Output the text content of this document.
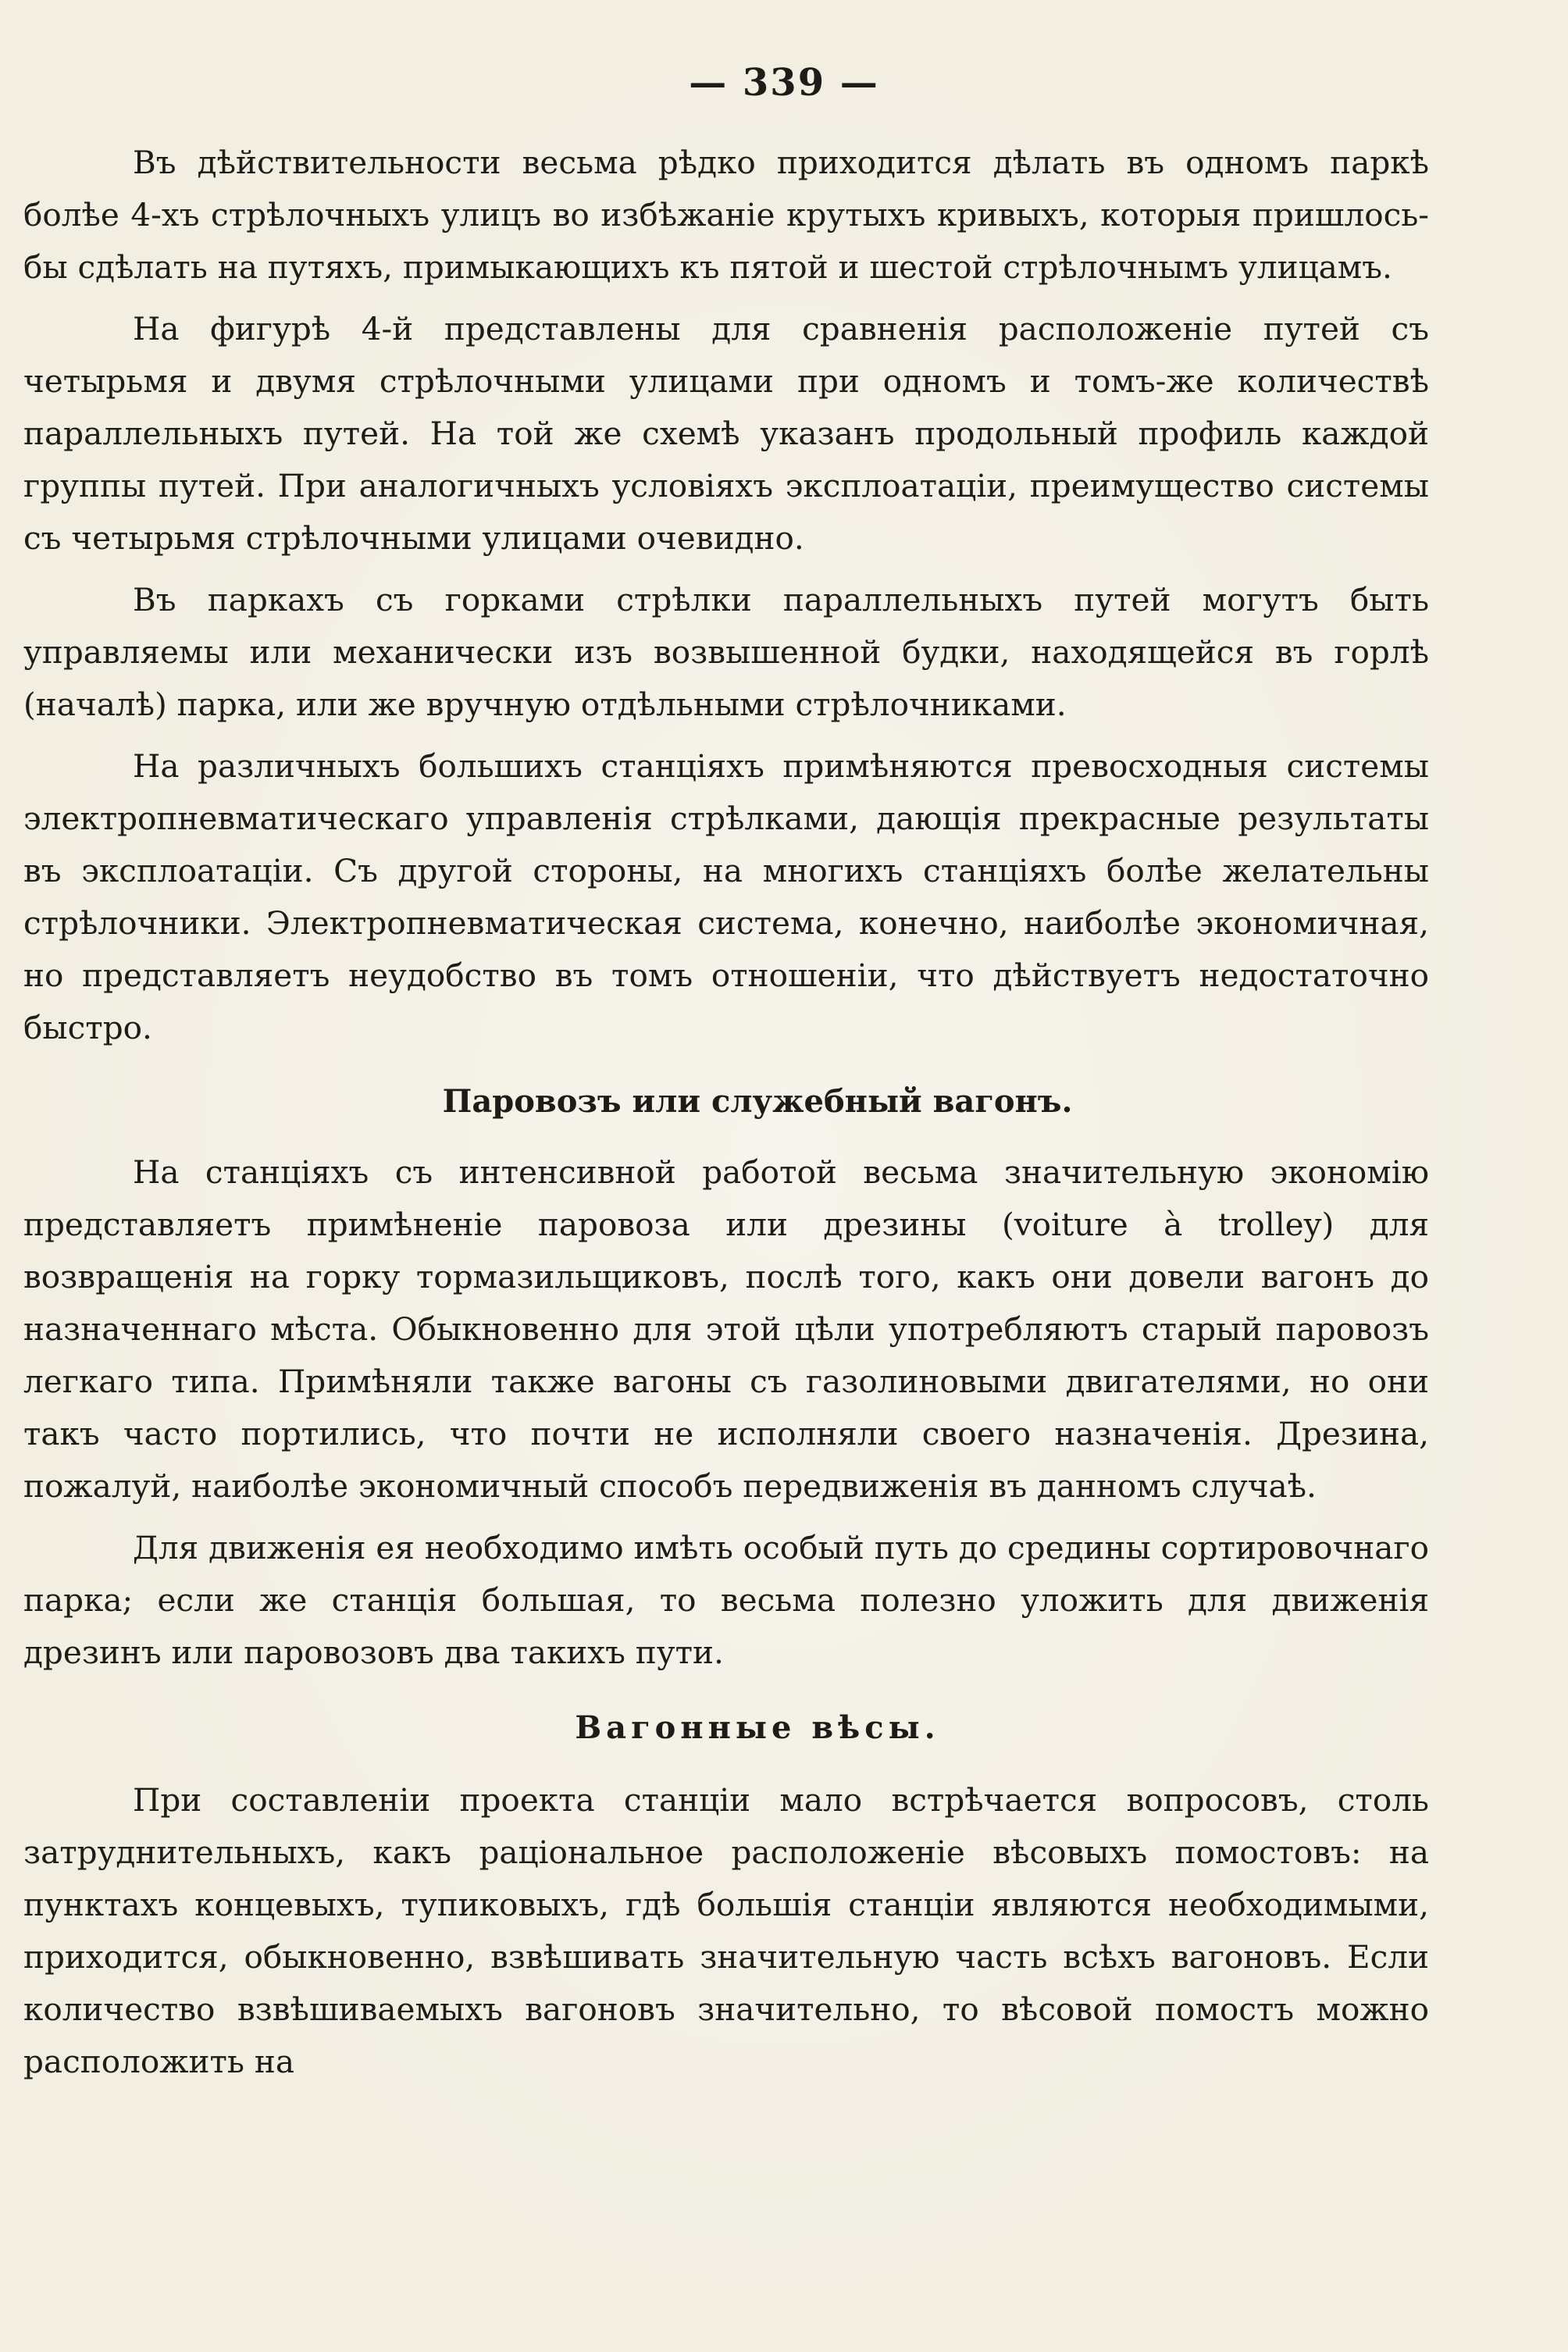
— 339 —

Въ дѣйствительности весьма рѣдко приходится дѣлать въ одномъ паркѣ болѣе 4-хъ стрѣлочныхъ улицъ во избѣжаніе крутыхъ кривыхъ, которыя пришлось-бы сдѣлать на путяхъ, примыкающихъ къ пятой и шестой стрѣлочнымъ улицамъ.

На фигурѣ 4-й представлены для сравненія расположеніе путей съ четырьмя и двумя стрѣлочными улицами при одномъ и томъ-же количествѣ параллельныхъ путей. На той же схемѣ указанъ продольный профиль каждой группы путей. При аналогичныхъ условіяхъ эксплоатаціи, преимущество системы съ четырьмя стрѣлочными улицами очевидно.

Въ паркахъ съ горками стрѣлки параллельныхъ путей могутъ быть управляемы или механически изъ возвышенной будки, находящейся въ горлѣ (началѣ) парка, или же вручную отдѣльными стрѣлочниками.

На различныхъ большихъ станціяхъ примѣняются превосходныя системы электропневматическаго управленія стрѣлками, дающія прекрасные результаты въ эксплоатаціи. Съ другой стороны, на многихъ станціяхъ болѣе желательны стрѣлочники. Электропневматическая система, конечно, наиболѣе экономичная, но представляетъ неудобство въ томъ отношеніи, что дѣйствуетъ недостаточно быстро.

Паровозъ или служебный вагонъ.

На станціяхъ съ интенсивной работой весьма значительную экономію представляетъ примѣненіе паровоза или дрезины (voiture à trolley) для возвращенія на горку тормазильщиковъ, послѣ того, какъ они довели вагонъ до назначеннаго мѣста. Обыкновенно для этой цѣли употребляютъ старый паровозъ легкаго типа. Примѣняли также вагоны съ газолиновыми двигателями, но они такъ часто портились, что почти не исполняли своего назначенія. Дрезина, пожалуй, наиболѣе экономичный способъ передвиженія въ данномъ случаѣ.

Для движенія ея необходимо имѣть особый путь до средины сортировочнаго парка; если же станція большая, то весьма полезно уложить для движенія дрезинъ или паровозовъ два такихъ пути.

Вагонные вѣсы.

При составленіи проекта станціи мало встрѣчается вопросовъ, столь затруднительныхъ, какъ раціональное расположеніе вѣсовыхъ помостовъ: на пунктахъ концевыхъ, тупиковыхъ, гдѣ большія станціи являются необходимыми, приходится, обыкновенно, взвѣшивать значительную часть всѣхъ вагоновъ. Если количество взвѣшиваемыхъ вагоновъ значительно, то вѣсовой помостъ можно расположить на
